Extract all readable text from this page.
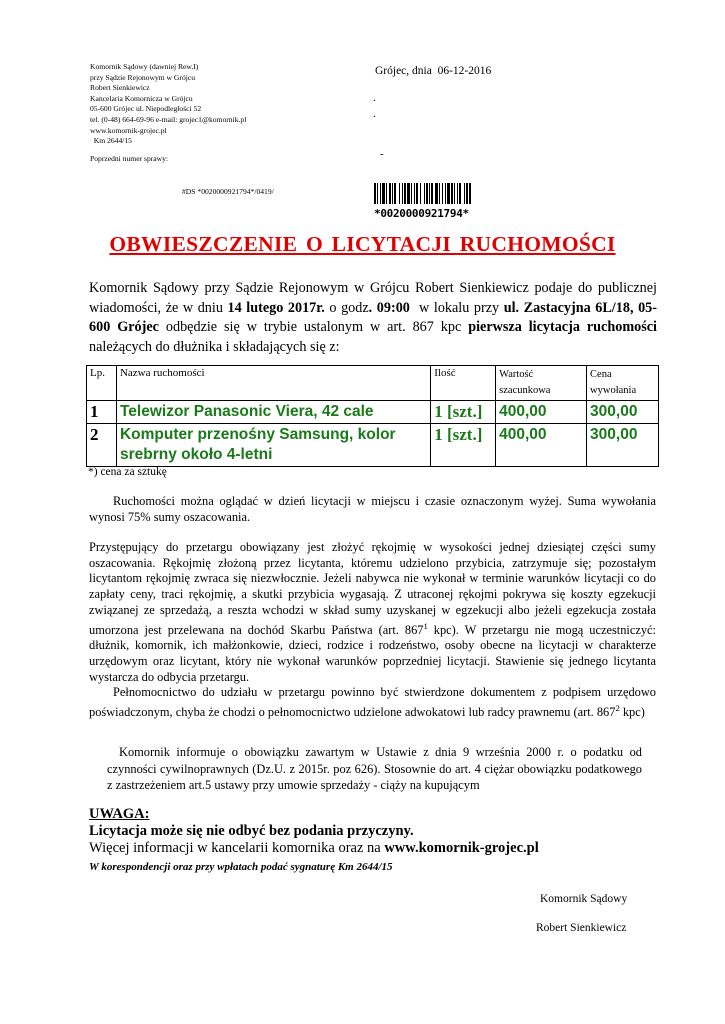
Komornik Sądowy (dawniej Rew.I)
przy Sądzie Rejonowym w Grójcu
Robert Sienkiewicz
Kancelaria Komornicza w Grójcu
05-600 Grójec ul. Niepodległości 52
tel. (0-48) 664-69-96 e-mail: grojec1@komornik.pl
www.komornik-grojec.pl
Km 2644/15
Poprzedni numer sprawy:
Grójec, dnia  06-12-2016
.
.
-
#DS *0020000921794*/0419/
*0020000921794*
OBWIESZCZENIE O LICYTACJI RUCHOMOŚCI
Komornik Sądowy przy Sądzie Rejonowym w Grójcu Robert Sienkiewicz podaje do publicznej wiadomości, że w dniu 14 lutego 2017r. o godz. 09:00  w lokalu przy ul. Zastacyjna 6L/18, 05-600 Grójec odbędzie się w trybie ustalonym w art. 867 kpc pierwsza licytacja ruchomości należących do dłużnika i składających się z:
Lp.	Nazwa ruchomości	Ilość	Wartość szacunkowa	Cena wywołania
1	Telewizor Panasonic Viera, 42 cale	1 [szt.]	400,00	300,00
2	Komputer przenośny Samsung, kolor srebrny około 4-letni	1 [szt.]	400,00	300,00
*) cena za sztukę
Ruchomości można oglądać w dzień licytacji w miejscu i czasie oznaczonym wyżej. Suma wywołania wynosi 75% sumy oszacowania.
Przystępujący do przetargu obowiązany jest złożyć rękojmię w wysokości jednej dziesiątej części sumy oszacowania. Rękojmię złożoną przez licytanta, któremu udzielono przybicia, zatrzymuje się; pozostałym licytantom rękojmię zwraca się niezwłocznie. Jeżeli nabywca nie wykonał w terminie warunków licytacji co do zapłaty ceny, traci rękojmię, a skutki przybicia wygasają. Z utraconej rękojmi pokrywa się koszty egzekucji związanej ze sprzedażą, a reszta wchodzi w skład sumy uzyskanej w egzekucji albo jeżeli egzekucja została umorzona jest przelewana na dochód Skarbu Państwa (art. $867^1$ kpc). W przetargu nie mogą uczestniczyć: dłużnik, komornik, ich małżonkowie, dzieci, rodzice i rodzeństwo, osoby obecne na licytacji w charakterze urzędowym oraz licytant, który nie wykonał warunków poprzedniej licytacji. Stawienie się jednego licytanta wystarcza do odbycia przetargu.
Pełnomocnictwo do udziału w przetargu powinno być stwierdzone dokumentem z podpisem urzędowo poświadczonym, chyba że chodzi o pełnomocnictwo udzielone adwokatowi lub radcy prawnemu (art. $867^2$ kpc)
Komornik informuje o obowiązku zawartym w Ustawie z dnia 9 września 2000 r. o podatku od czynności cywilnoprawnych (Dz.U. z 2015r. poz 626). Stosownie do art. 4 ciężar obowiązku podatkowego z zastrzeżeniem art.5 ustawy przy umowie sprzedaży - ciąży na kupującym
UWAGA:
Licytacja może się nie odbyć bez podania przyczyny.
Więcej informacji w kancelarii komornika oraz na www.komornik-grojec.pl
W korespondencji oraz przy wpłatach podać sygnaturę Km 2644/15
Komornik Sądowy
Robert Sienkiewicz
